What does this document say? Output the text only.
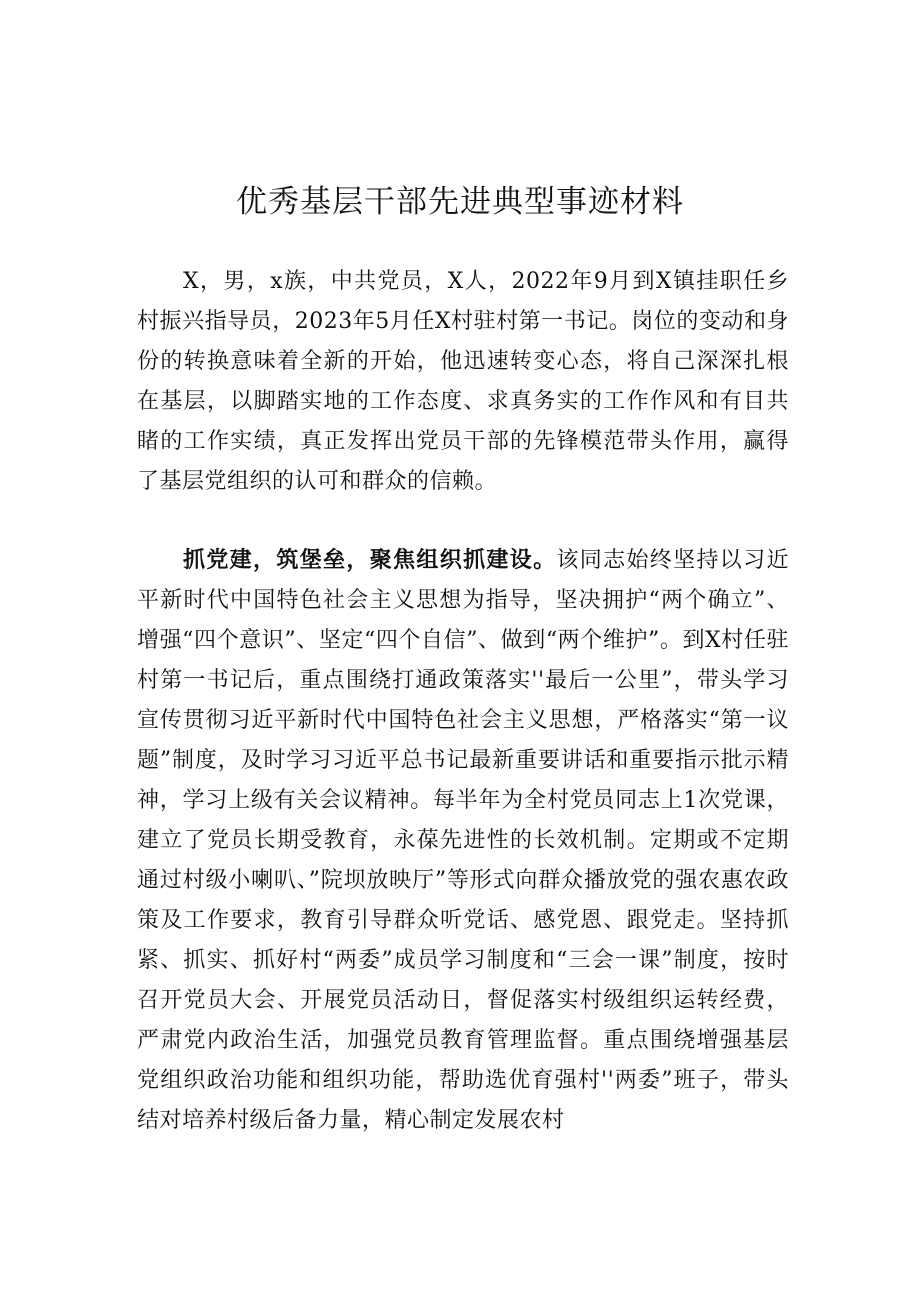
优秀基层干部先进典型事迹材料

X，男，x族，中共党员，X人，2022年9月到X镇挂职任乡村振兴指导员，2023年5月任X村驻村第一书记。岗位的变动和身份的转换意味着全新的开始，他迅速转变心态，将自己深深扎根在基层，以脚踏实地的工作态度、求真务实的工作作风和有目共睹的工作实绩，真正发挥出党员干部的先锋模范带头作用，赢得了基层党组织的认可和群众的信赖。

抓党建，筑堡垒，聚焦组织抓建设。该同志始终坚持以习近平新时代中国特色社会主义思想为指导，坚决拥护“两个确立”、增强“四个意识”、坚定“四个自信”、做到“两个维护”。到X村任驻村第一书记后，重点围绕打通政策落实''最后一公里”，带头学习宣传贯彻习近平新时代中国特色社会主义思想，严格落实“第一议题”制度，及时学习习近平总书记最新重要讲话和重要指示批示精神，学习上级有关会议精神。每半年为全村党员同志上1次党课，建立了党员长期受教育，永葆先进性的长效机制。定期或不定期通过村级小喇叭、”院坝放映厅”等形式向群众播放党的强农惠农政策及工作要求，教育引导群众听党话、感党恩、跟党走。坚持抓紧、抓实、抓好村“两委”成员学习制度和“三会一课”制度，按时召开党员大会、开展党员活动日，督促落实村级组织运转经费，严肃党内政治生活，加强党员教育管理监督。重点围绕增强基层党组织政治功能和组织功能，帮助选优育强村''两委”班子，带头结对培养村级后备力量，精心制定发展农村
